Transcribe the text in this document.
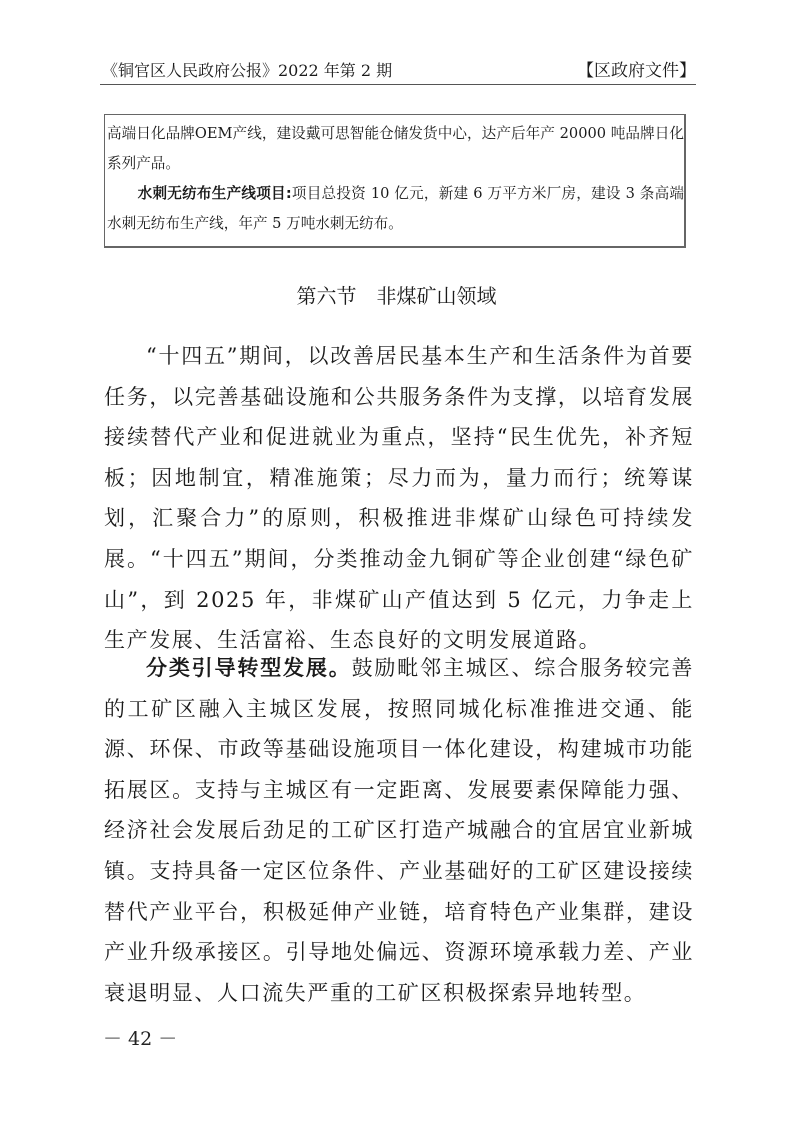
《铜官区人民政府公报》2022 年第 2 期	【区政府文件】

高端日化品牌OEM产线，建设戴可思智能仓储发货中心，达产后年产 20000 吨品牌日化系列产品。

水刺无纺布生产线项目:项目总投资 10 亿元，新建 6 万平方米厂房，建设 3 条高端水刺无纺布生产线，年产 5 万吨水刺无纺布。

第六节　非煤矿山领域

“十四五”期间，以改善居民基本生产和生活条件为首要任务，以完善基础设施和公共服务条件为支撑，以培育发展接续替代产业和促进就业为重点，坚持“民生优先，补齐短板；因地制宜，精准施策；尽力而为，量力而行；统筹谋划，汇聚合力”的原则，积极推进非煤矿山绿色可持续发展。“十四五”期间，分类推动金九铜矿等企业创建“绿色矿山”，到 2025 年，非煤矿山产值达到 5 亿元，力争走上生产发展、生活富裕、生态良好的文明发展道路。

分类引导转型发展。鼓励毗邻主城区、综合服务较完善的工矿区融入主城区发展，按照同城化标准推进交通、能源、环保、市政等基础设施项目一体化建设，构建城市功能拓展区。支持与主城区有一定距离、发展要素保障能力强、经济社会发展后劲足的工矿区打造产城融合的宜居宜业新城镇。支持具备一定区位条件、产业基础好的工矿区建设接续替代产业平台，积极延伸产业链，培育特色产业集群，建设产业升级承接区。引导地处偏远、资源环境承载力差、产业衰退明显、人口流失严重的工矿区积极探索异地转型。

－ 42 －
